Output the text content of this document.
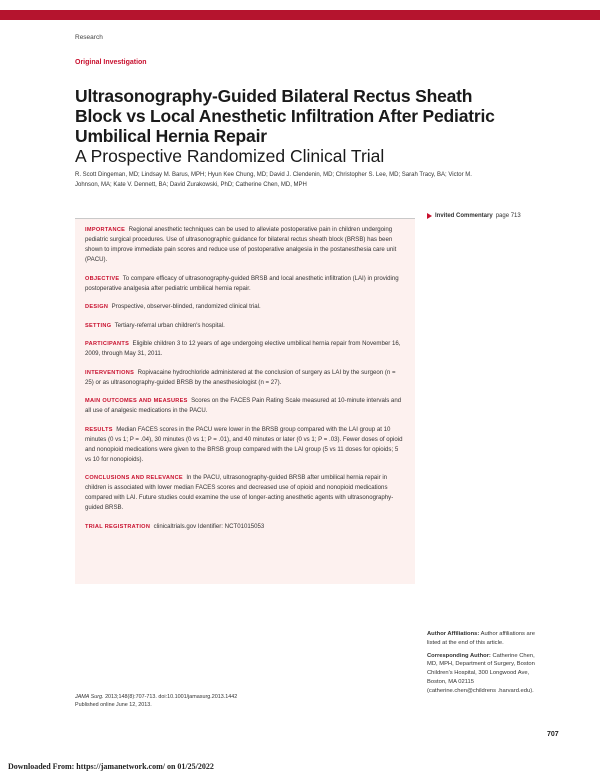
Research
Original Investigation
Ultrasonography-Guided Bilateral Rectus Sheath Block vs Local Anesthetic Infiltration After Pediatric Umbilical Hernia Repair
A Prospective Randomized Clinical Trial
R. Scott Dingeman, MD; Lindsay M. Barus, MPH; Hyun Kee Chung, MD; David J. Clendenin, MD; Christopher S. Lee, MD; Sarah Tracy, BA; Victor M. Johnson, MA; Kate V. Dennett, BA; David Zurakowski, PhD; Catherine Chen, MD, MPH
Invited Commentary page 713

IMPORTANCE Regional anesthetic techniques can be used to alleviate postoperative pain in children undergoing pediatric surgical procedures. Use of ultrasonographic guidance for bilateral rectus sheath block (BRSB) has been shown to improve immediate pain scores and reduce use of postoperative analgesia in the postanesthesia care unit (PACU).

OBJECTIVE To compare efficacy of ultrasonography-guided BRSB and local anesthetic infiltration (LAI) in providing postoperative analgesia after pediatric umbilical hernia repair.

DESIGN Prospective, observer-blinded, randomized clinical trial.

SETTING Tertiary-referral urban children's hospital.

PARTICIPANTS Eligible children 3 to 12 years of age undergoing elective umbilical hernia repair from November 16, 2009, through May 31, 2011.

INTERVENTIONS Ropivacaine hydrochloride administered at the conclusion of surgery as LAI by the surgeon (n = 25) or as ultrasonography-guided BRSB by the anesthesiologist (n = 27).

MAIN OUTCOMES AND MEASURES Scores on the FACES Pain Rating Scale measured at 10-minute intervals and all use of analgesic medications in the PACU.

RESULTS Median FACES scores in the PACU were lower in the BRSB group compared with the LAI group at 10 minutes (0 vs 1; P = .04), 30 minutes (0 vs 1; P = .01), and 40 minutes or later (0 vs 1; P = .03). Fewer doses of opioid and nonopioid medications were given to the BRSB group compared with the LAI group (5 vs 11 doses for opioids; 5 vs 10 for nonopioids).

CONCLUSIONS AND RELEVANCE In the PACU, ultrasonography-guided BRSB after umbilical hernia repair in children is associated with lower median FACES scores and decreased use of opioid and nonopioid medications compared with LAI. Future studies could examine the use of longer-acting anesthetic agents with ultrasonography-guided BRSB.

TRIAL REGISTRATION clinicaltrials.gov Identifier: NCT01015053

Author Affiliations: Author affiliations are listed at the end of this article.

Corresponding Author: Catherine Chen, MD, MPH, Department of Surgery, Boston Children's Hospital, 300 Longwood Ave, Boston, MA 02115 (catherine.chen@childrens .harvard.edu).

JAMA Surg. 2013;148(8):707-713. doi:10.1001/jamasurg.2013.1442
Published online June 12, 2013.
707
Downloaded From: https://jamanetwork.com/ on 01/25/2022
